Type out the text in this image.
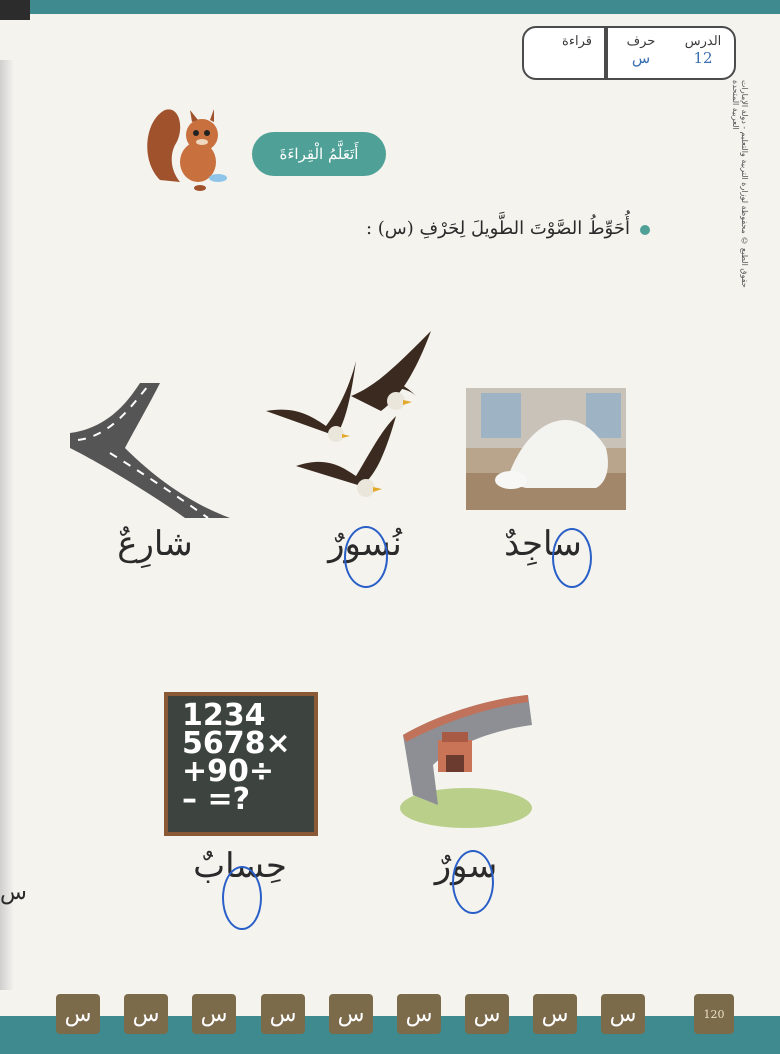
الدرس
12
حرف
س
قراءة
حقوق الطبع © محفوظة لوزارة التربية والتعليم - دولة الإمارات العربية المتحدة
أَتَعَلَّمُ الْقِراءَةَ
أُحَوِّطُ الصَّوْتَ الطَّويلَ لِحَرْفِ (س) :
1234
5678×
+90÷
– =?
ساجِدٌ
نُسورٌ
شارِعٌ
سورٌ
حِسابٌ
س
س	س	س	س	س	س	س	س	س	120
